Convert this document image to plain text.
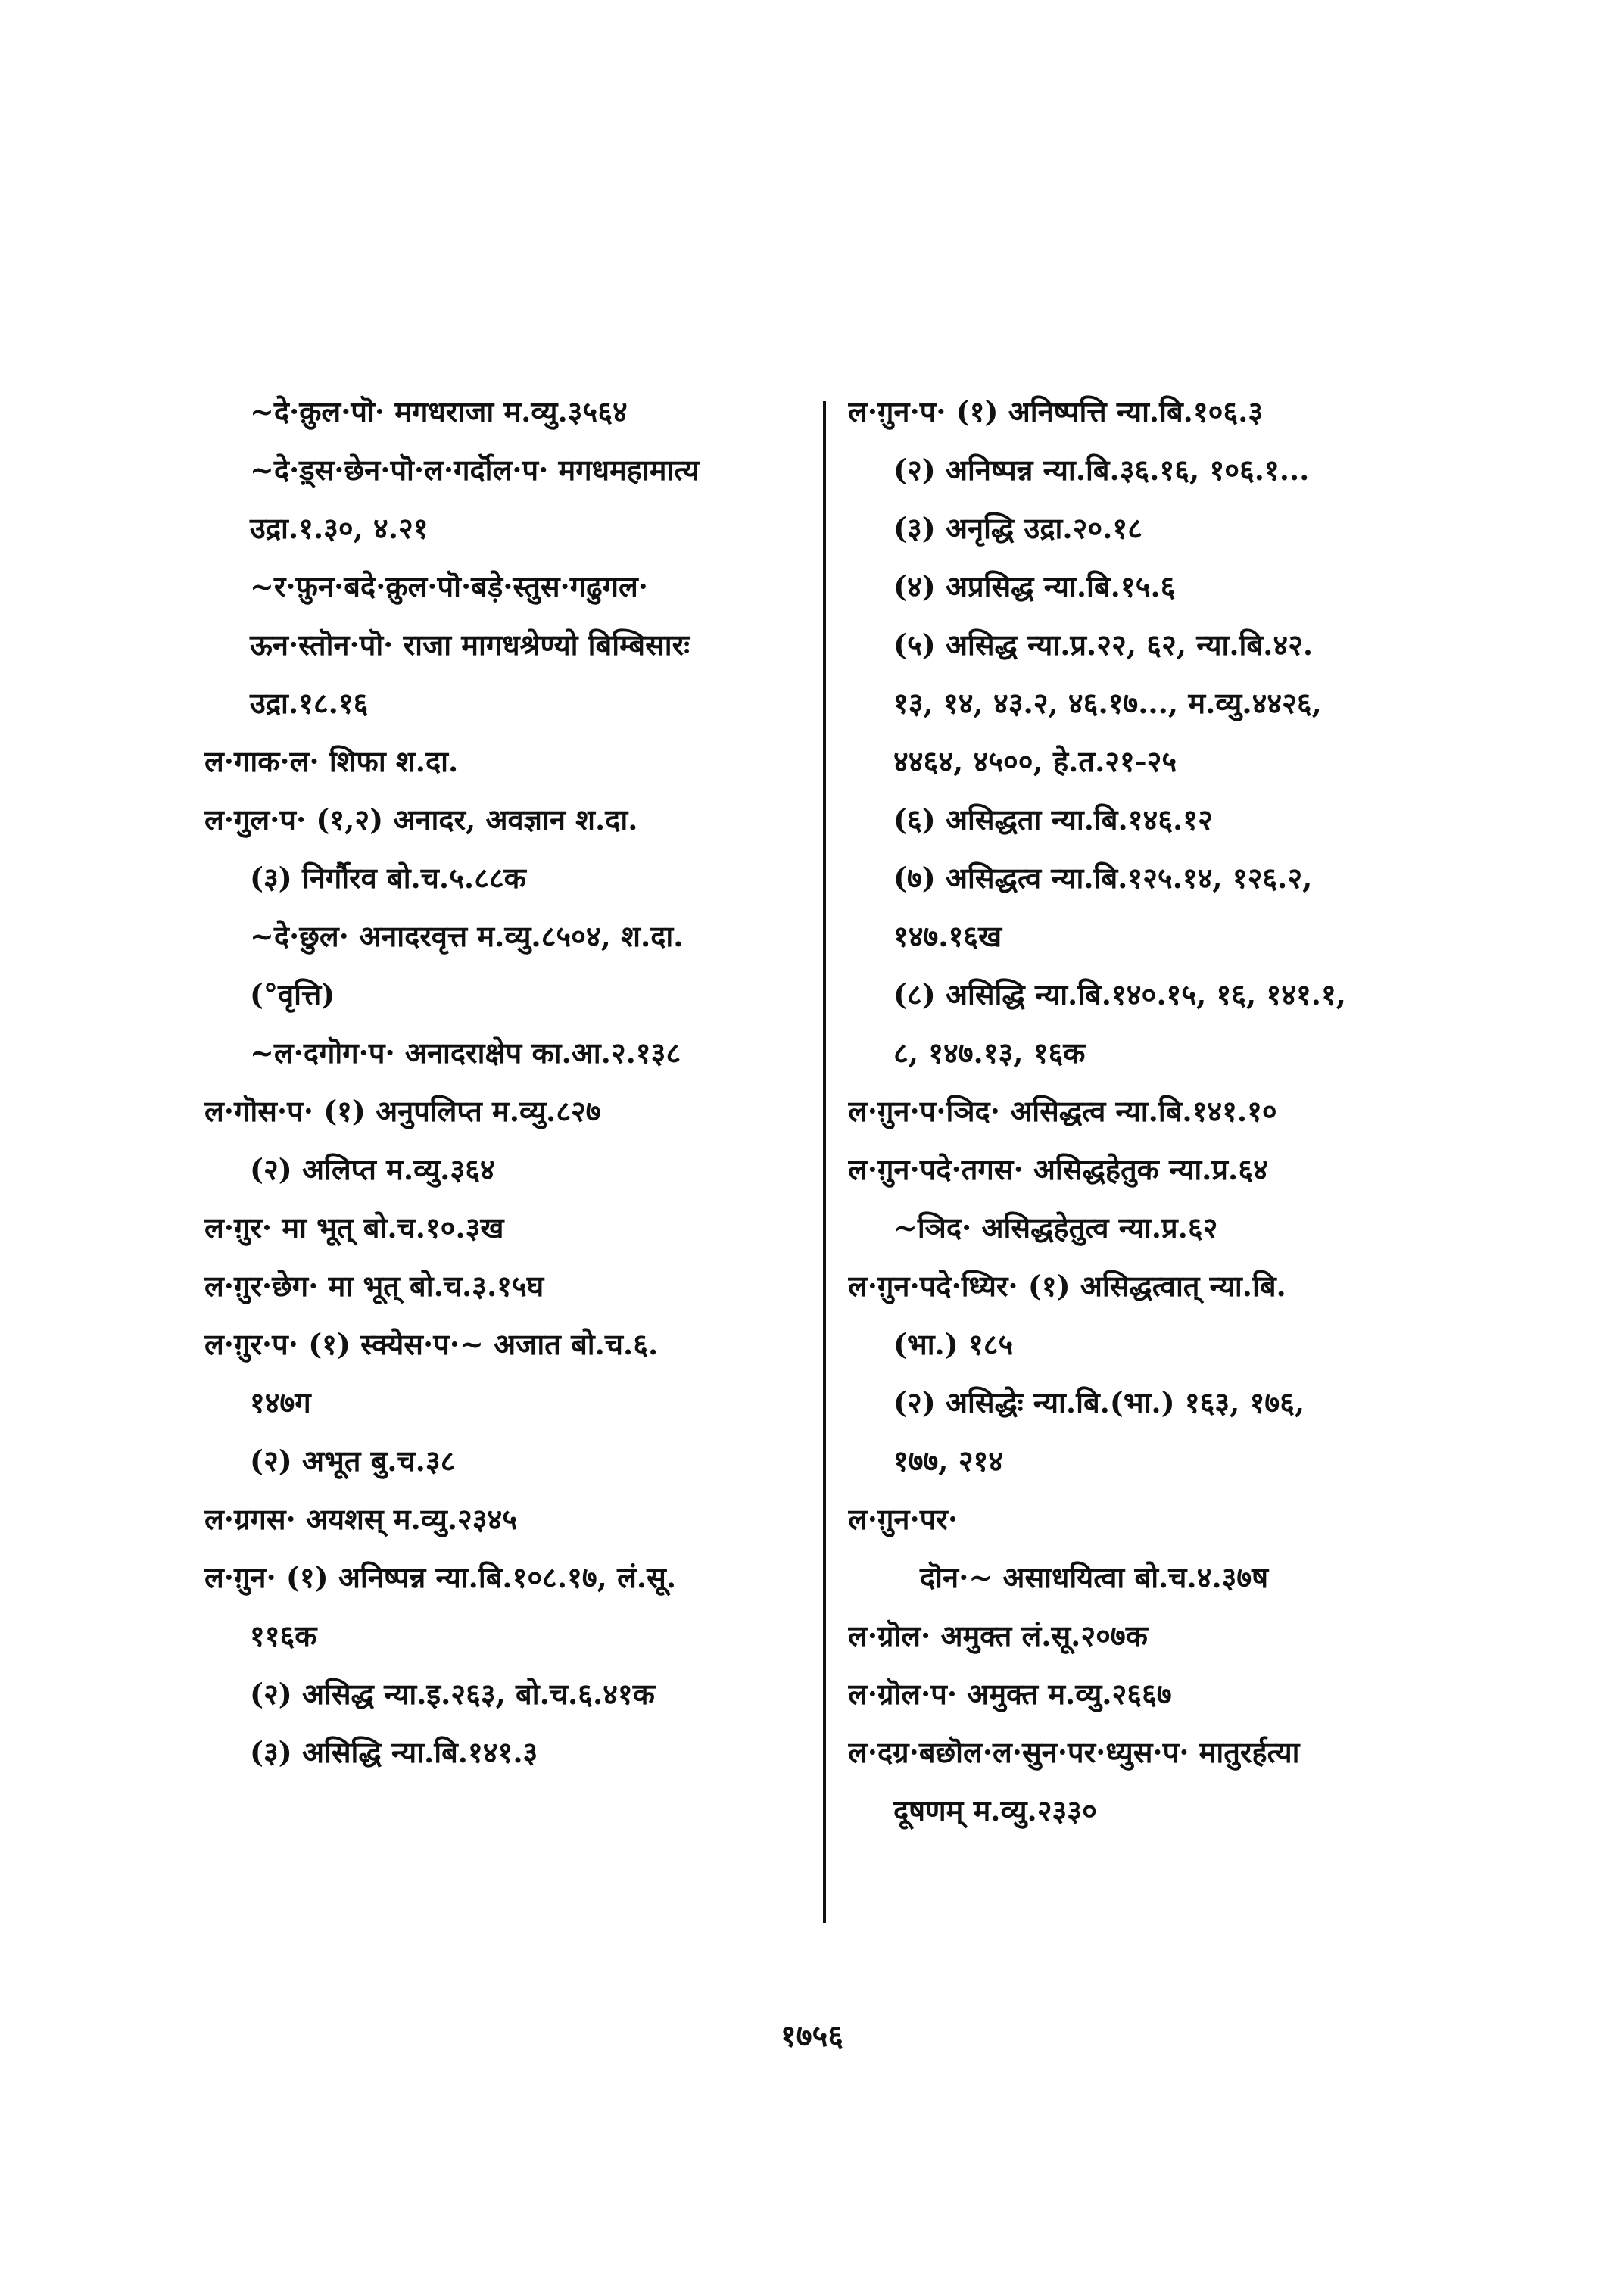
~दे·क़ुल·पॊ· मगधराजा म.व्यु.३५६४
~दे·ड़्स·छेन·पॊ·ल·गर्दॊल·प· मगधमहामात्य
उद्रा.१.३०, ४.२१
~र·फ़ुन·बदे·क़ुल·पॊ·बड़े·स्तुस·गढुगल·
ऊन·स्तॊन·पॊ· राजा मागधश्रेण्यो बिम्बिसारः
उद्रा.१८.१६
ल·गाक·ल· शिफा श.दा.
ल·गुल·प· (१,२) अनादर, अवज्ञान श.दा.
(३) निर्गौरव बो.च.५.८८क
~दे·छुल· अनादरवृत्त म.व्यु.८५०४, श.दा.
(°वृत्ति)
~ल·दगॊग·प· अनादराक्षेप का.आ.२.१३८
ल·गॊस·प· (१) अनुपलिप्त म.व्यु.८२७
(२) अलिप्त म.व्यु.३६४
ल·ग़ुर· मा भूत् बो.च.१०.३ख
ल·ग़ुर·छेग· मा भूत् बो.च.३.१५घ
ल·ग़ुर·प· (१) स्क्येस·प·~ अजात बो.च.६.
१४७ग
(२) अभूत बु.च.३८
ल·ग्रगस· अयशस् म.व्यु.२३४५
ल·ग़ुन· (१) अनिष्पन्न न्या.बि.१०८.१७, लं.सू.
११६क
(२) असिद्ध न्या.इ.२६३, बो.च.६.४१क
(३) असिद्धि न्या.बि.१४१.३
ल·ग़ुन·प· (१) अनिष्पत्ति न्या.बि.१०६.३
(२) अनिष्पन्न न्या.बि.३६.१६, १०६.१...
(३) अनृद्धि उद्रा.२०.१८
(४) अप्रसिद्ध न्या.बि.१५.६
(५) असिद्ध न्या.प्र.२२, ६२, न्या.बि.४२.
१३, १४, ४३.२, ४६.१७..., म.व्यु.४४२६,
४४६४, ४५००, हे.त.२१-२५
(६) असिद्धता न्या.बि.१४६.१२
(७) असिद्धत्व न्या.बि.१२५.१४, १२६.२,
१४७.१६ख
(८) असिद्धि न्या.बि.१४०.१५, १६, १४१.१,
८, १४७.१३, १६क
ल·ग़ुन·प·ञिद· असिद्धत्व न्या.बि.१४१.१०
ल·ग़ुन·पदे·तगस· असिद्धहेतुक न्या.प्र.६४
~ञिद· असिद्धहेतुत्व न्या.प्र.६२
ल·ग़ुन·पदे·ध्यिर· (१) असिद्धत्वात् न्या.बि.
(भा.) १८५
(२) असिद्धेः न्या.बि.(भा.) १६३, १७६,
१७७, २१४
ल·ग़ुन·पर·
दॊन·~ असाधयित्वा बो.च.४.३७ष
ल·ग्रॊल· अमुक्त लं.सू.२०७क
ल·ग्रॊल·प· अमुक्त म.व्यु.२६६७
ल·दग्र·बछॊल·ल·सुन·पर·ध्युस·प· मातुरर्हत्या
दूषणम् म.व्यु.२३३०
१७५६
